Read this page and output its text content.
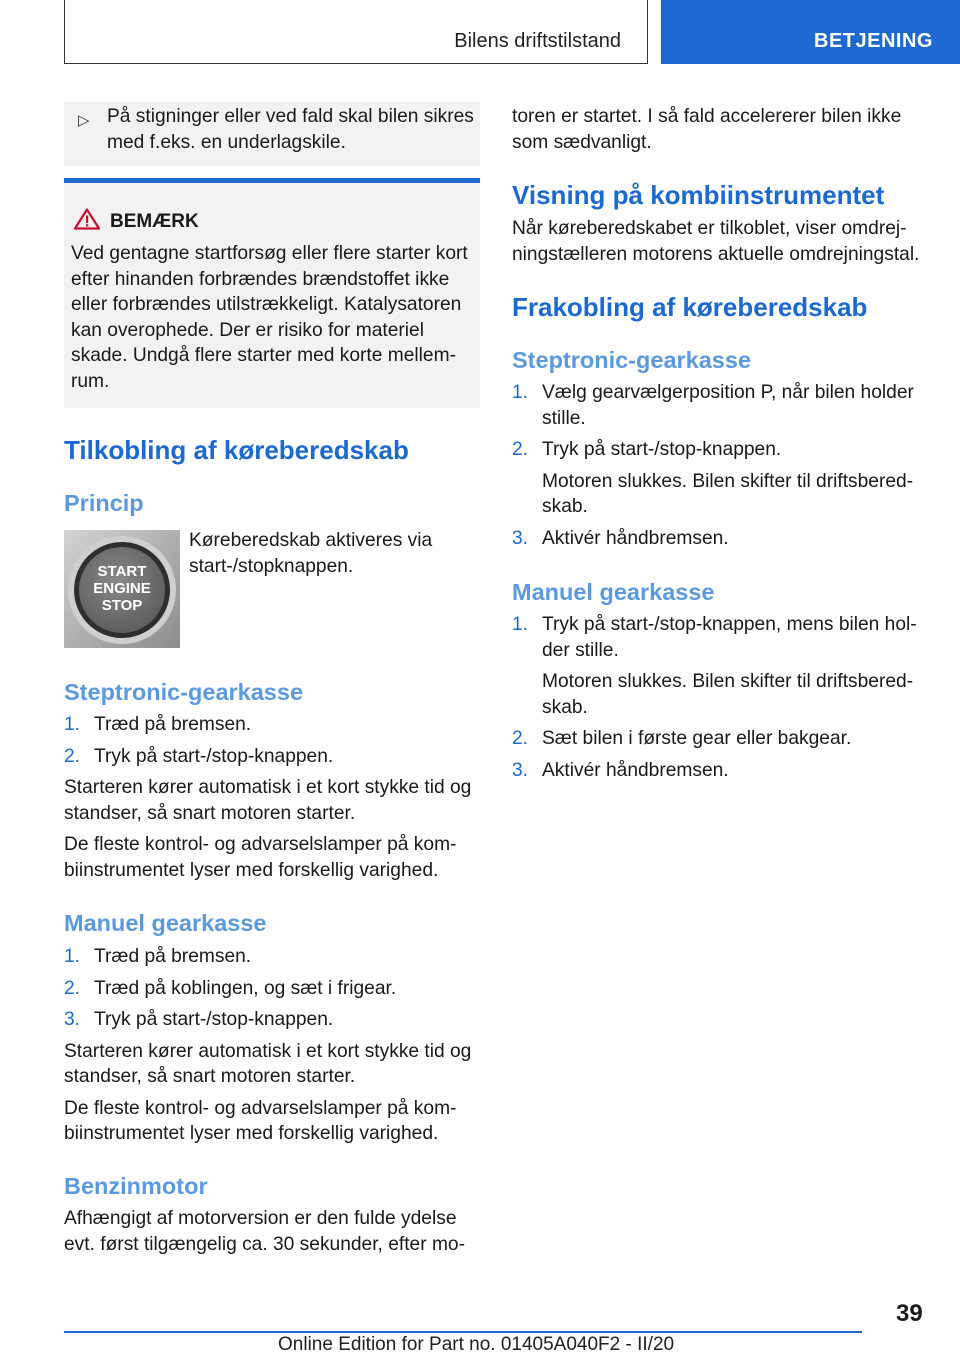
Bilens driftstilstand	BETJENING
▷ På stigninger eller ved fald skal bilen sikres med f.eks. en underlagskile.

BEMÆRK

Ved gentagne startforsøg eller flere starter kort efter hinanden forbrændes brændstoffet ikke eller forbrændes utilstrækkeligt. Katalysatoren kan overophede. Der er risiko for materiel skade. Undgå flere starter med korte mellem-rum.

Tilkobling af køreberedskab
Princip
START
ENGINE
STOP

Køreberedskab aktiveres via start-/stopknappen.

Steptronic-gearkasse
1. Træd på bremsen.
2. Tryk på start-/stop-knappen.

Starteren kører automatisk i et kort stykke tid og standser, så snart motoren starter.

De fleste kontrol- og advarselslamper på kom-biinstrumentet lyser med forskellig varighed.

Manuel gearkasse
1. Træd på bremsen.
2. Træd på koblingen, og sæt i frigear.
3. Tryk på start-/stop-knappen.

Starteren kører automatisk i et kort stykke tid og standser, så snart motoren starter.

De fleste kontrol- og advarselslamper på kom-biinstrumentet lyser med forskellig varighed.

Benzinmotor

Afhængigt af motorversion er den fulde ydelse evt. først tilgængelig ca. 30 sekunder, efter mo-

toren er startet. I så fald accelererer bilen ikke som sædvanligt.

Visning på kombiinstrumentet

Når køreberedskabet er tilkoblet, viser omdrej-ningstælleren motorens aktuelle omdrejningstal.

Frakobling af køreberedskab
Steptronic-gearkasse
1. Vælg gearvælgerposition P, når bilen holder stille.
2. Tryk på start-/stop-knappen.

Motoren slukkes. Bilen skifter til driftsbered-skab.

3. Aktivér håndbremsen.
Manuel gearkasse
1. Tryk på start-/stop-knappen, mens bilen hol-der stille.

Motoren slukkes. Bilen skifter til driftsbered-skab.

2. Sæt bilen i første gear eller bakgear.
3. Aktivér håndbremsen.
39
Online Edition for Part no. 01405A040F2 - II/20
